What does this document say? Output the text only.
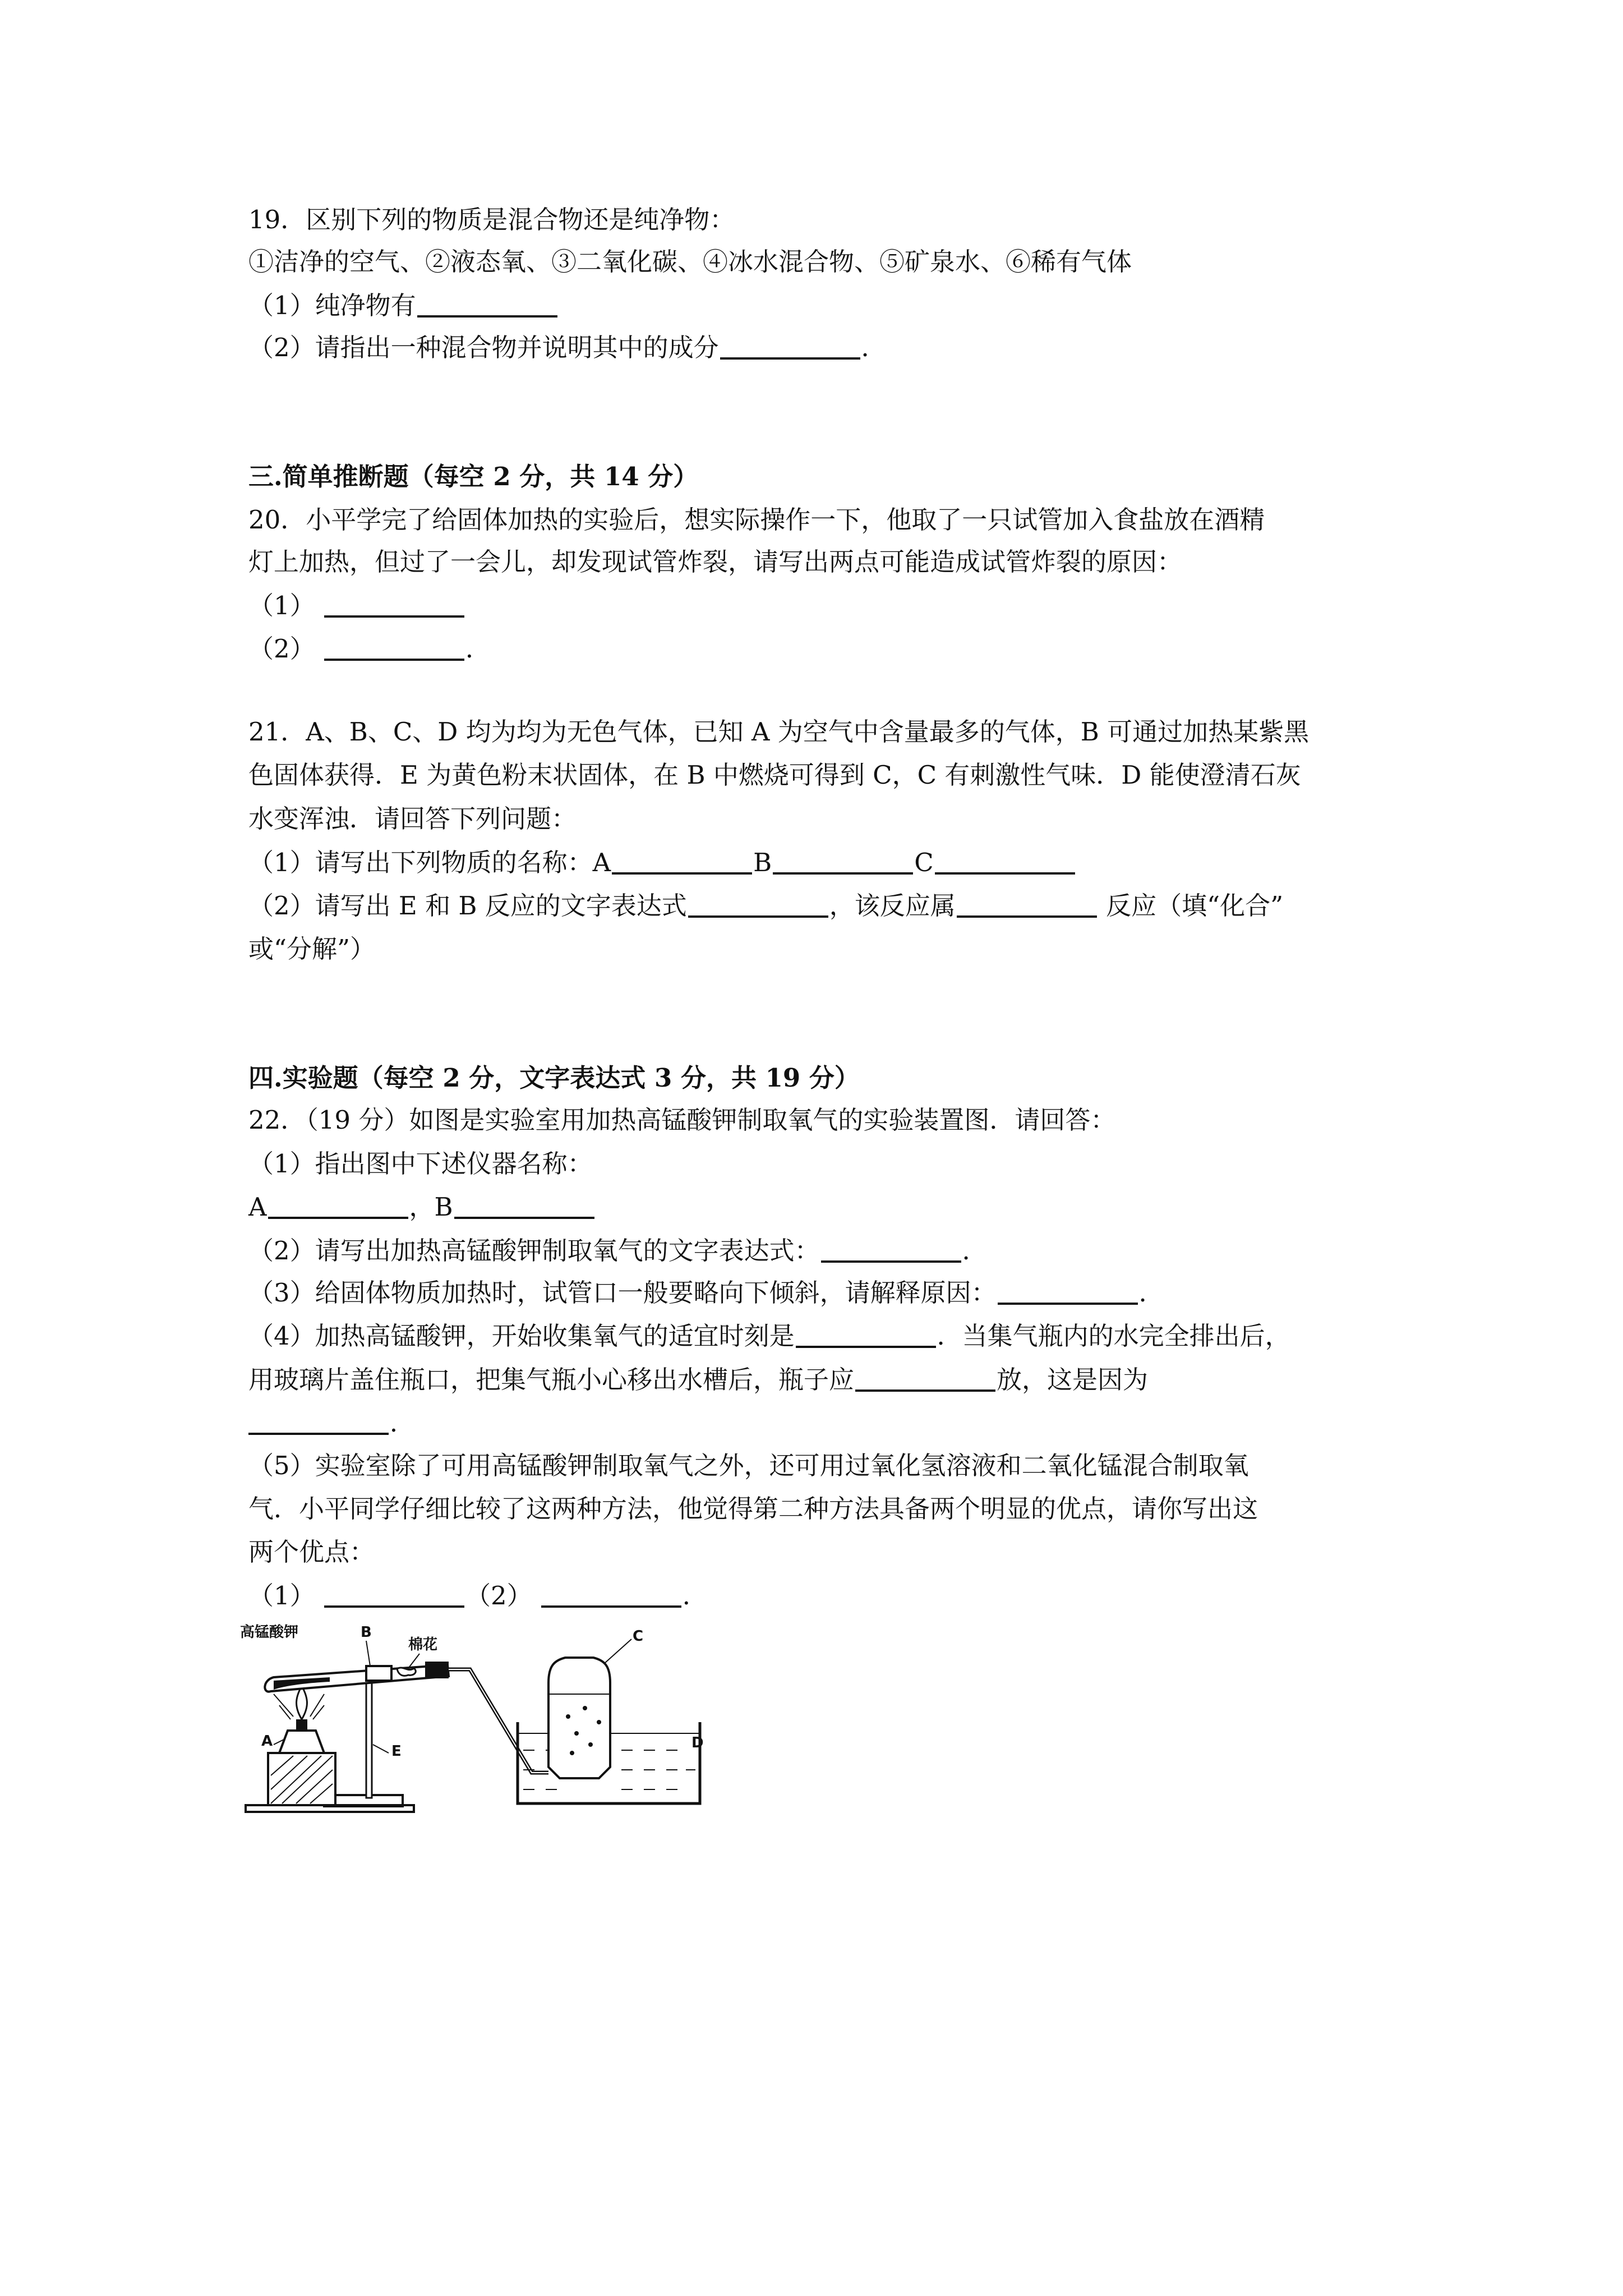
19．区别下列的物质是混合物还是纯净物：
①洁净的空气、②液态氧、③二氧化碳、④冰水混合物、⑤矿泉水、⑥稀有气体
（1）纯净物有
（2）请指出一种混合物并说明其中的成分	．
三.简单推断题（每空 2 分，共 14 分）
20．小平学完了给固体加热的实验后，想实际操作一下，他取了一只试管加入食盐放在酒精
灯上加热，但过了一会儿，却发现试管炸裂，请写出两点可能造成试管炸裂的原因：
（1）
（2）	．
21．A、B、C、D 均为均为无色气体，已知 A 为空气中含量最多的气体，B 可通过加热某紫黑
色固体获得．E 为黄色粉末状固体，在 B 中燃烧可得到 C，C 有刺激性气味．D 能使澄清石灰
水变浑浊．请回答下列问题：
（1）请写出下列物质的名称：A	B	C
（2）请写出 E 和 B 反应的文字表达式	，该反应属	反应（填“化合”
或“分解”）
四.实验题（每空 2 分，文字表达式 3 分，共 19 分）
22．（19 分）如图是实验室用加热高锰酸钾制取氧气的实验装置图．请回答：
（1）指出图中下述仪器名称：
A	，B
（2）请写出加热高锰酸钾制取氧气的文字表达式：	．
（3）给固体物质加热时，试管口一般要略向下倾斜，请解释原因：	．
（4）加热高锰酸钾，开始收集氧气的适宜时刻是	．当集气瓶内的水完全排出后，
用玻璃片盖住瓶口，把集气瓶小心移出水槽后，瓶子应	放，这是因为
．
（5）实验室除了可用高锰酸钾制取氧气之外，还可用过氧化氢溶液和二氧化锰混合制取氧
气．小平同学仔细比较了这两种方法，他觉得第二种方法具备两个明显的优点，请你写出这
两个优点：
（1）	（2）	．
高锰酸钾	B
棉花
A
E
C
D
